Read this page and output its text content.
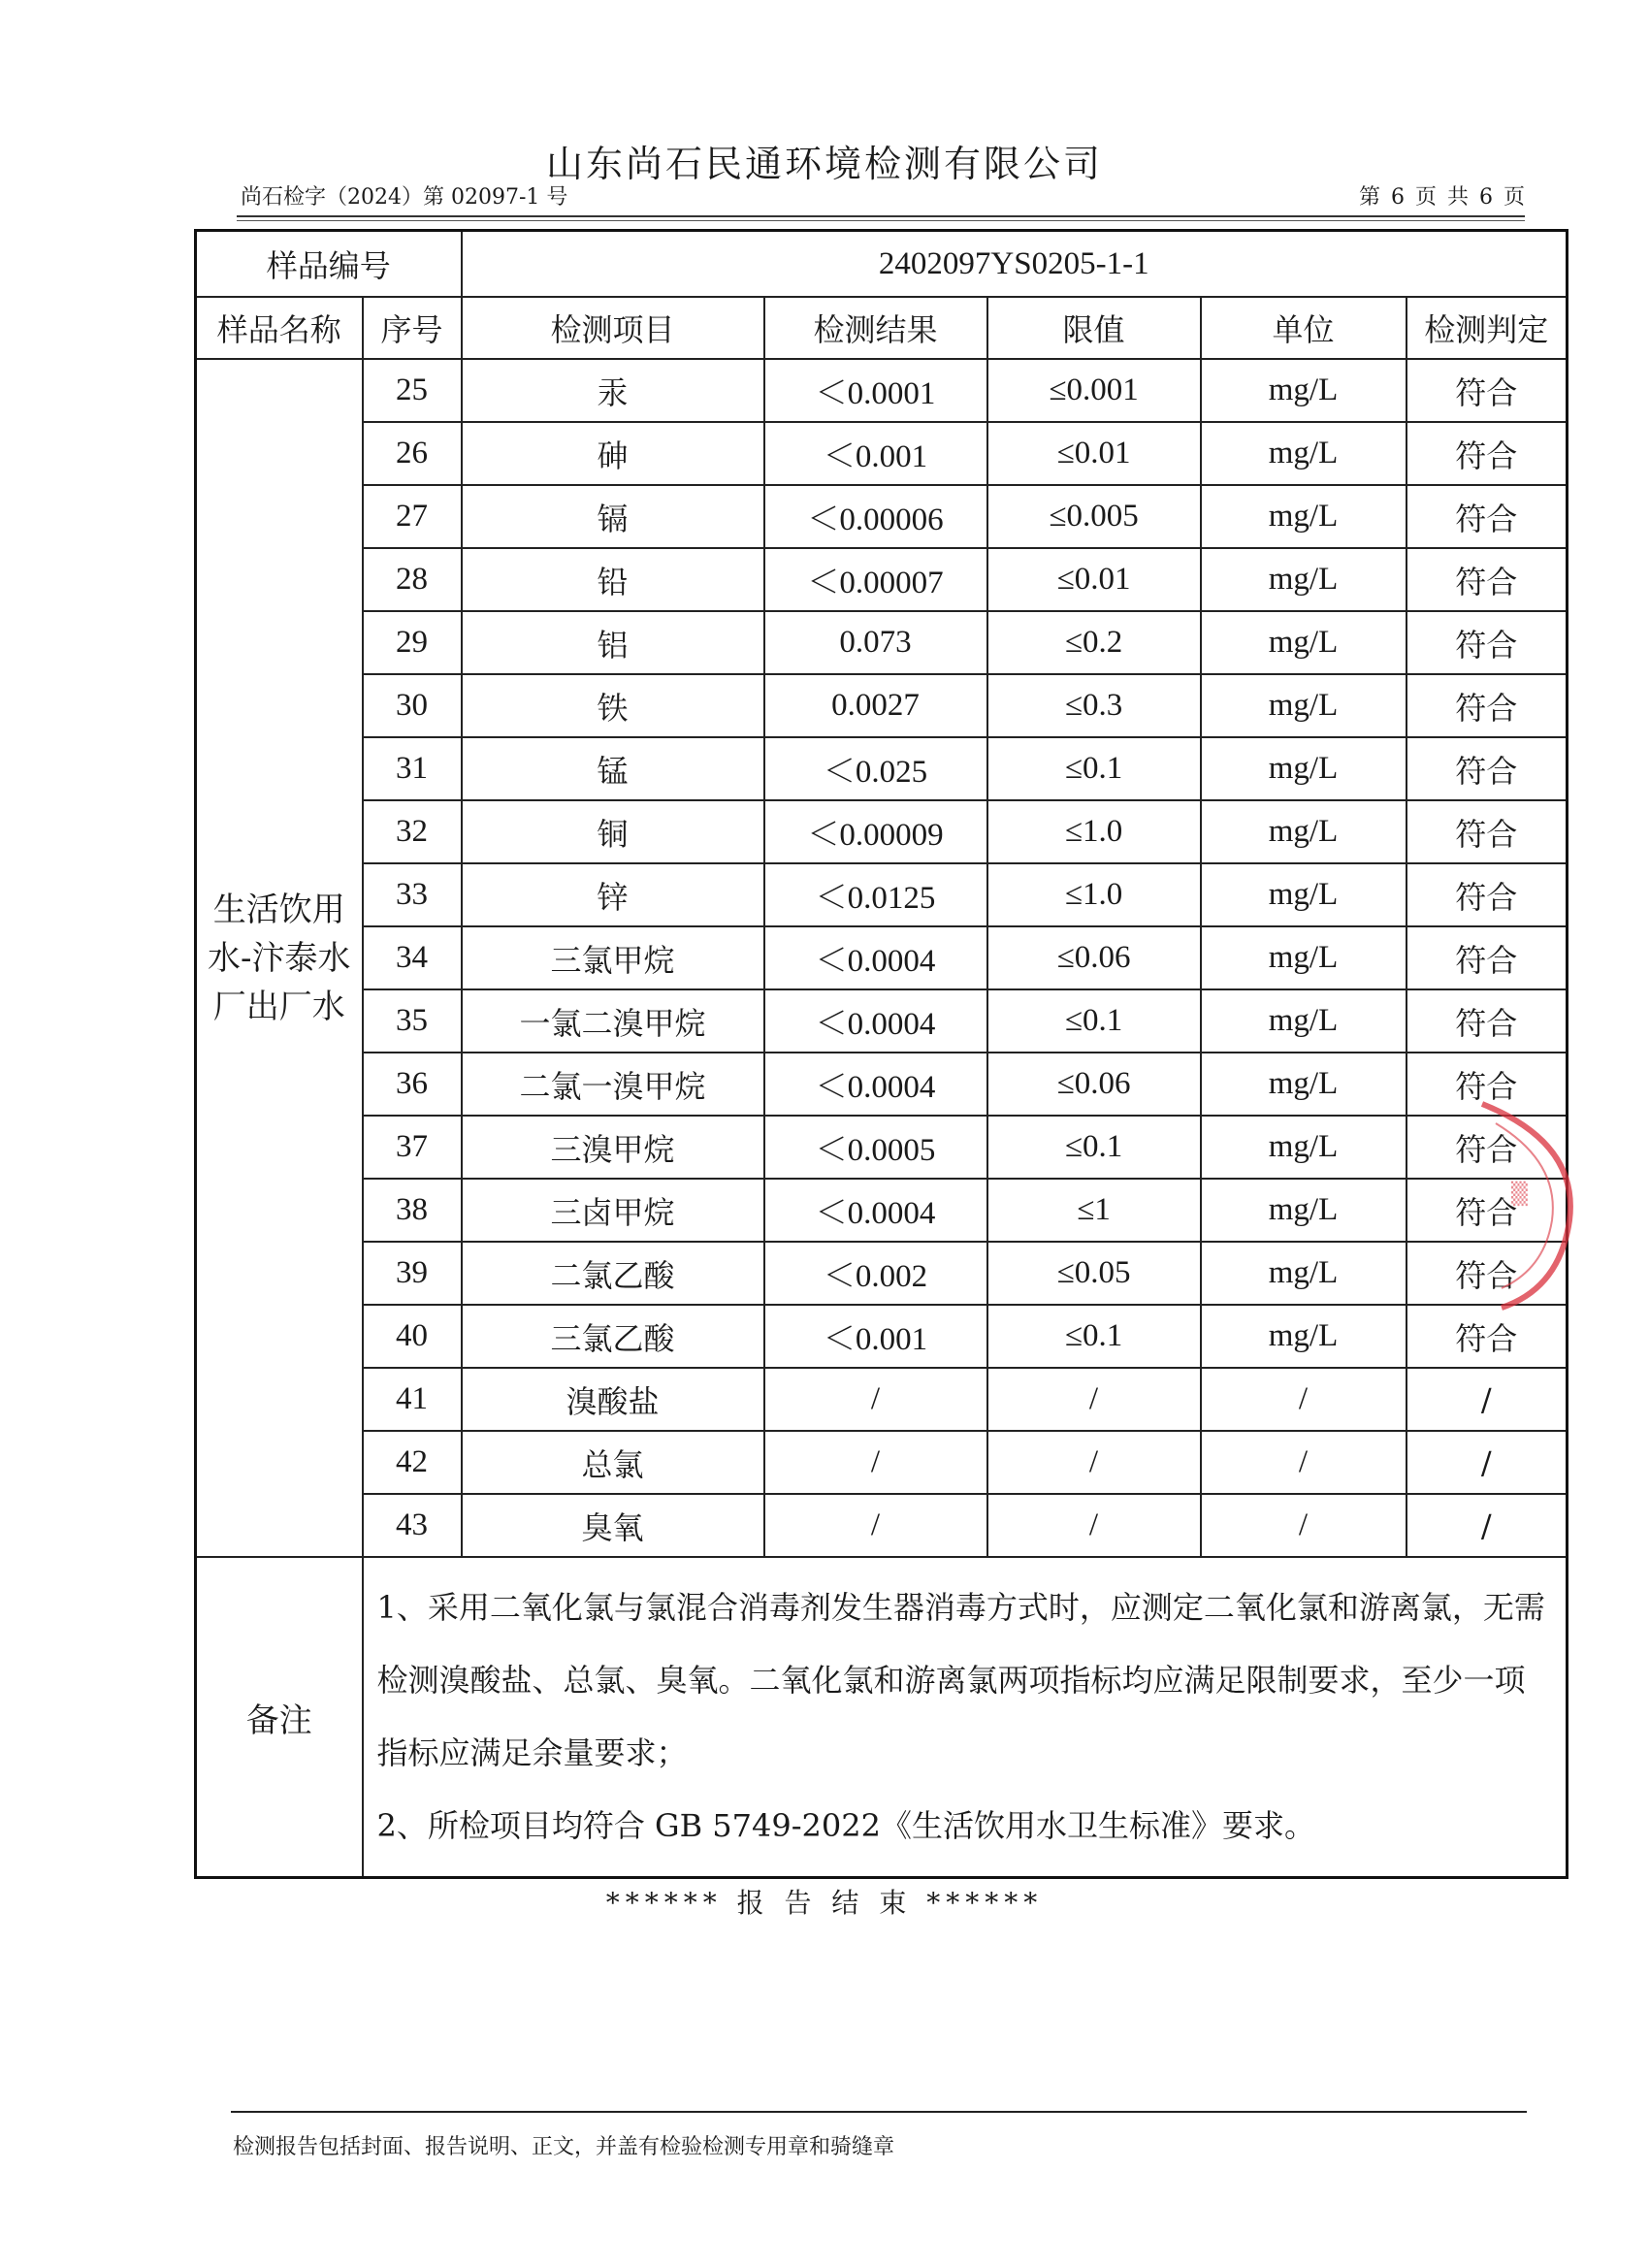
山东尚石民通环境检测有限公司
尚石检字（2024）第 02097-1 号	第 6 页 共 6 页
样品编号		2402097YS0205-1-1				
样品名称	序号	检测项目	检测结果	限值	单位	检测判定
生活饮用水-汴泰水厂出厂水	25	汞	＜0.0001	≤0.001	mg/L	符合
	26	砷	＜0.001	≤0.01	mg/L	符合
	27	镉	＜0.00006	≤0.005	mg/L	符合
	28	铅	＜0.00007	≤0.01	mg/L	符合
	29	铝	0.073	≤0.2	mg/L	符合
	30	铁	0.0027	≤0.3	mg/L	符合
	31	锰	＜0.025	≤0.1	mg/L	符合
	32	铜	＜0.00009	≤1.0	mg/L	符合
	33	锌	＜0.0125	≤1.0	mg/L	符合
	34	三氯甲烷	＜0.0004	≤0.06	mg/L	符合
	35	一氯二溴甲烷	＜0.0004	≤0.1	mg/L	符合
	36	二氯一溴甲烷	＜0.0004	≤0.06	mg/L	符合
	37	三溴甲烷	＜0.0005	≤0.1	mg/L	符合
	38	三卤甲烷	＜0.0004	≤1	mg/L	符合
	39	二氯乙酸	＜0.002	≤0.05	mg/L	符合
	40	三氯乙酸	＜0.001	≤0.1	mg/L	符合
	41	溴酸盐	/	/	/	/
	42	总氯	/	/	/	/
	43	臭氧	/	/	/	/
备注	1、采用二氧化氯与氯混合消毒剂发生器消毒方式时，应测定二氧化氯和游离氯，无需检测溴酸盐、总氯、臭氧。二氧化氯和游离氯两项指标均应满足限制要求，至少一项指标应满足余量要求；

2、所检项目均符合 GB 5749-2022《生活饮用水卫生标准》要求。					

▒
****** 报 告 结 束 ******
检测报告包括封面、报告说明、正文，并盖有检验检测专用章和骑缝章
